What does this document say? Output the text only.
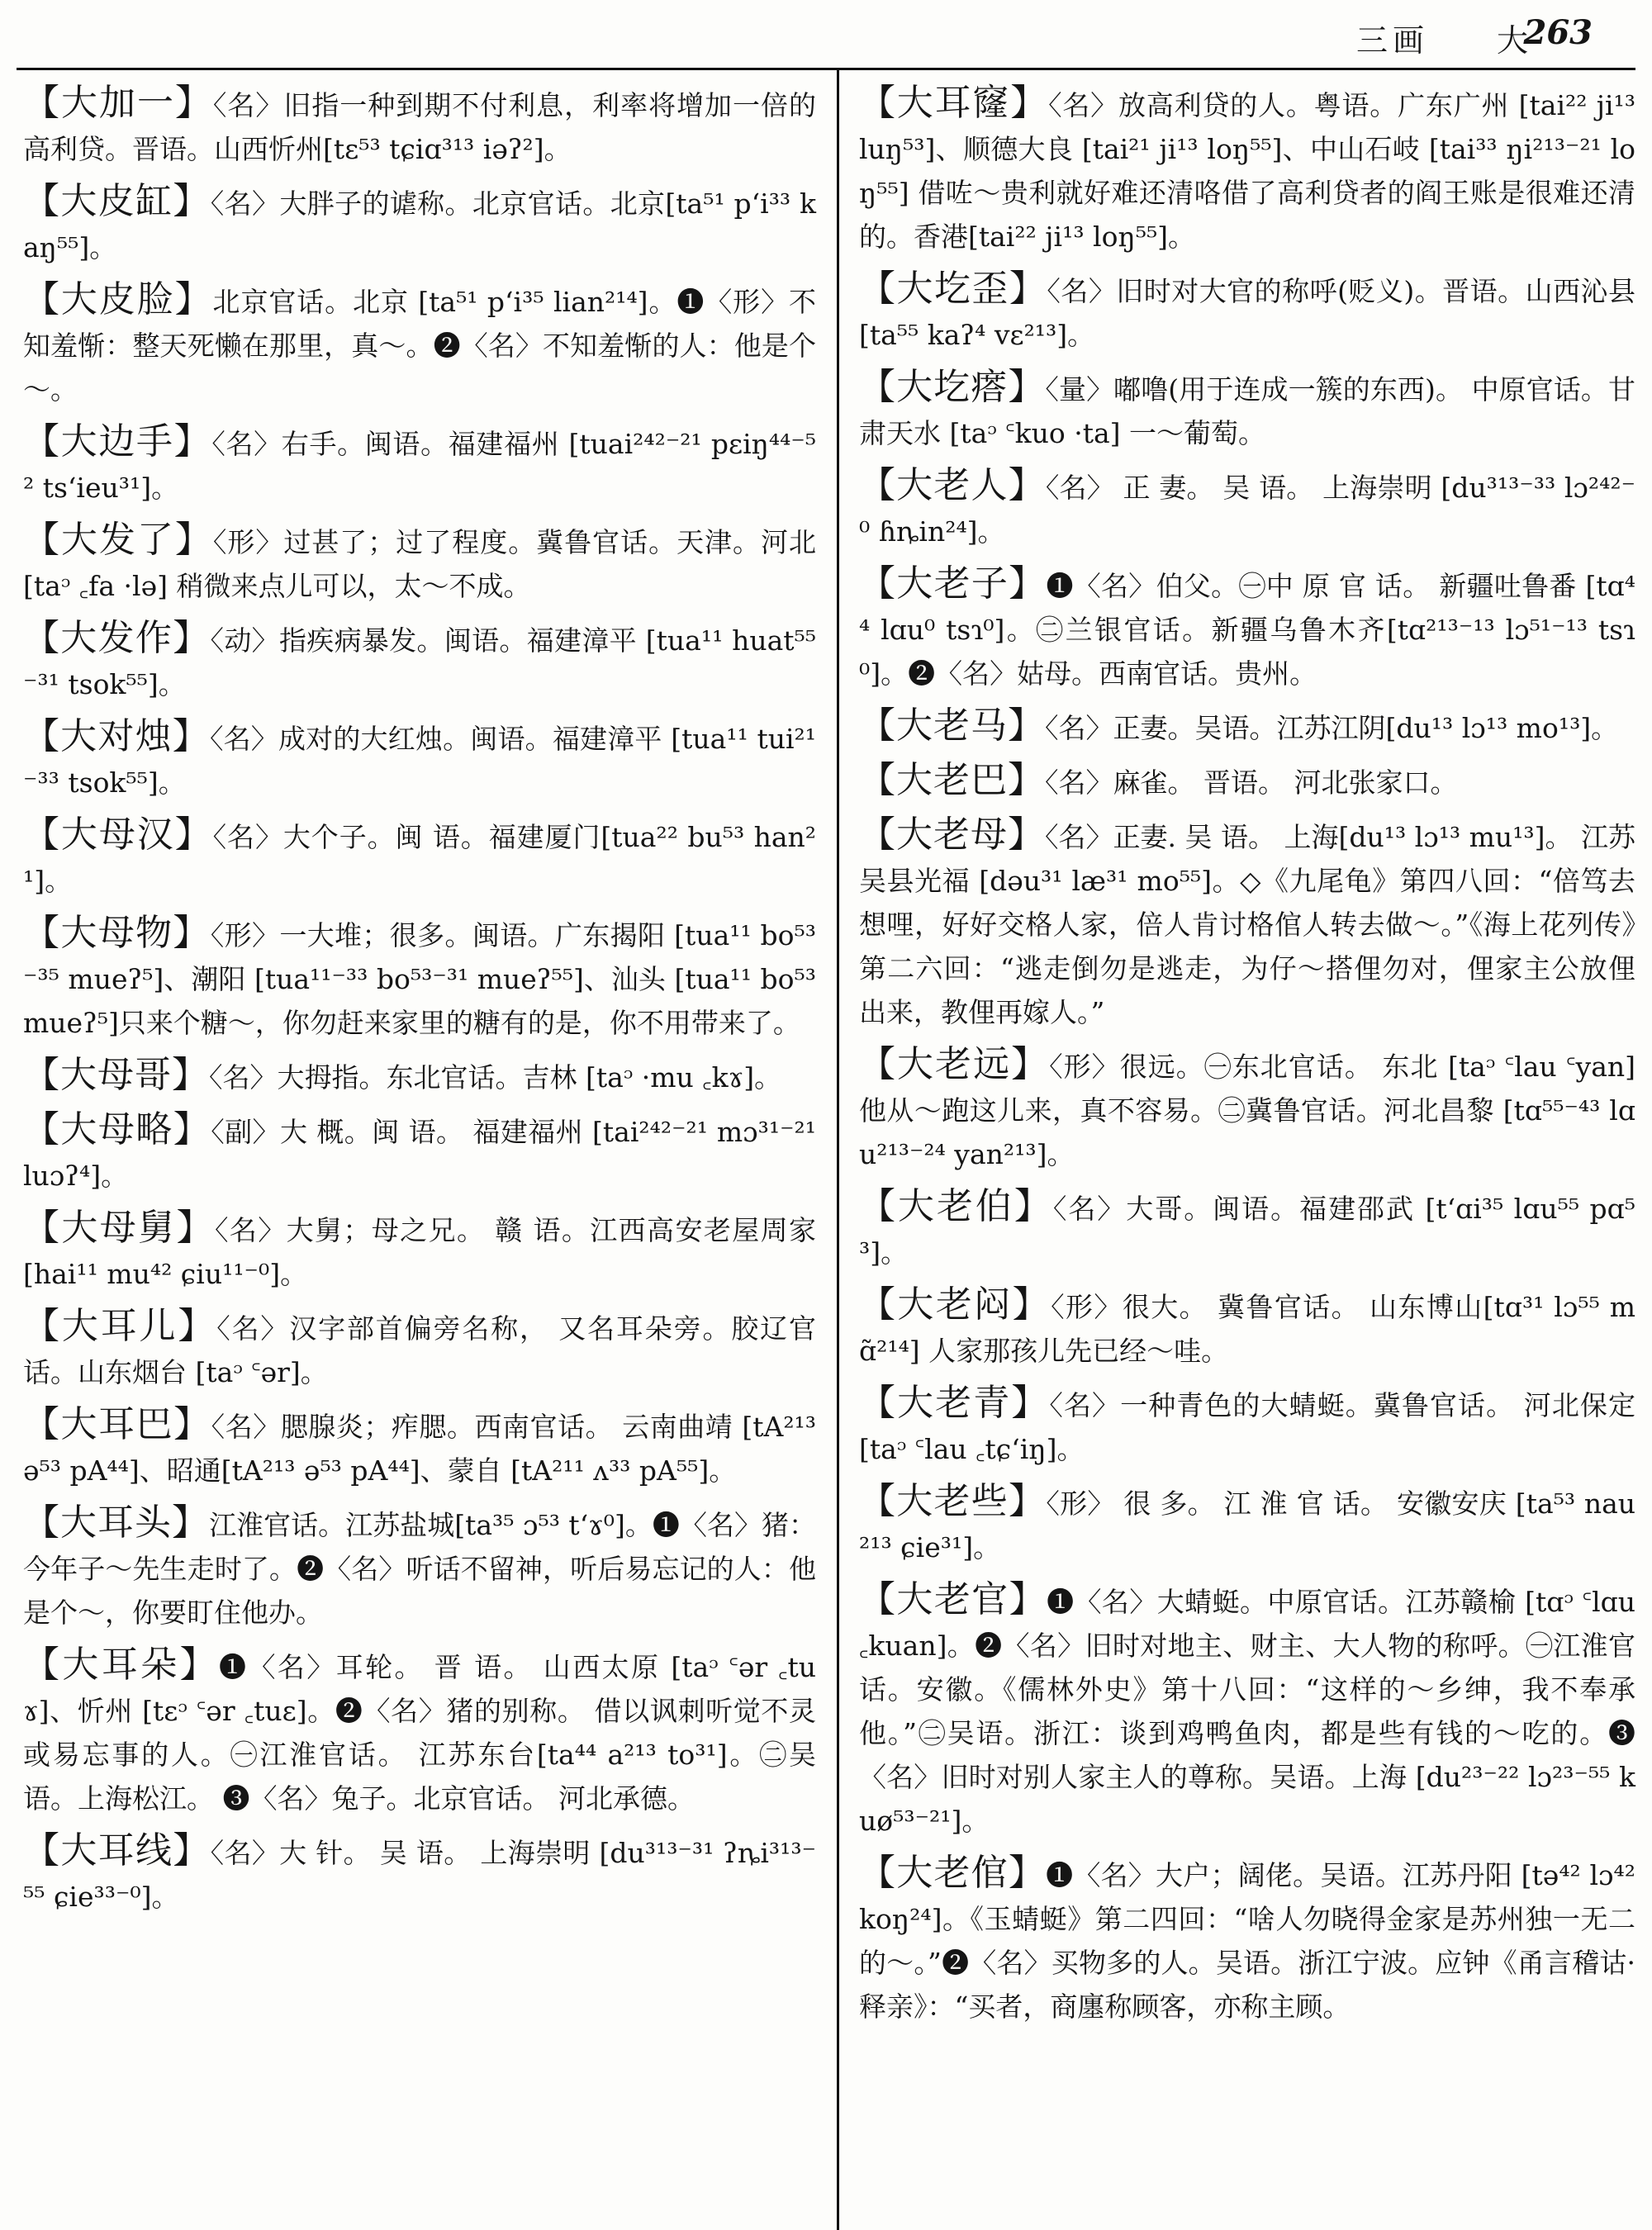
三画 大
263

【大加一】〈名〉旧指一种到期不付利息，利率将增加一倍的高利贷。晋语。山西忻州[tɛ⁵³ tɕiɑ³¹³ iəʔ²]。

【大皮缸】〈名〉大胖子的谑称。北京官话。北京[ta⁵¹ pʻi³³ kaŋ⁵⁵]。

【大皮脸】北京官话。北京 [ta⁵¹ pʻi³⁵ lian²¹⁴]。❶〈形〉不知羞惭：整天死懒在那里，真～。❷〈名〉不知羞惭的人：他是个～。

【大边手】〈名〉右手。闽语。福建福州 [tuai²⁴²⁻²¹ pɛiŋ⁴⁴⁻⁵² tsʻieu³¹]。

【大发了】〈形〉过甚了；过了程度。冀鲁官话。天津。河北[taᵓ ꜀fa ·lə] 稍微来点儿可以，太～不成。

【大发作】〈动〉指疾病暴发。闽语。福建漳平 [tua¹¹ huat⁵⁵⁻³¹ tsok⁵⁵]。

【大对烛】〈名〉成对的大红烛。闽语。福建漳平 [tua¹¹ tui²¹⁻³³ tsok⁵⁵]。

【大母汉】〈名〉大个子。闽 语。福建厦门[tua²² bu⁵³ han²¹]。

【大母物】〈形〉一大堆；很多。闽语。广东揭阳 [tua¹¹ bo⁵³⁻³⁵ mueʔ⁵]、潮阳 [tua¹¹⁻³³ bo⁵³⁻³¹ mueʔ⁵⁵]、汕头 [tua¹¹ bo⁵³ mueʔ⁵]只来个糖～，你勿赶来家里的糖有的是，你不用带来了。

【大母哥】〈名〉大拇指。东北官话。吉林 [taᵓ ·mu ꜀kɤ]。

【大母略】〈副〉大 概。闽 语。 福建福州 [tai²⁴²⁻²¹ mɔ³¹⁻²¹ luɔʔ⁴]。

【大母舅】〈名〉大舅；母之兄。 赣 语。江西高安老屋周家 [hai¹¹ mu⁴² ɕiu¹¹⁻⁰]。

【大耳儿】〈名〉汉字部首偏旁名称， 又名耳朵旁。胶辽官话。山东烟台 [taᵓ ꜂ər]。

【大耳巴】〈名〉腮腺炎；痄腮。西南官话。 云南曲靖 [tA²¹³ ə⁵³ pA⁴⁴]、昭通[tA²¹³ ə⁵³ pA⁴⁴]、蒙自 [tA²¹¹ ʌ³³ pA⁵⁵]。

【大耳头】江淮官话。江苏盐城[ta³⁵ ɔ⁵³ tʻɤ⁰]。❶〈名〉猪：今年子～先生走时了。❷〈名〉听话不留神，听后易忘记的人：他是个～，你要盯住他办。

【大耳朵】❶〈名〉耳轮。 晋 语。 山西太原 [taᵓ ꜂ər ꜀tuɤ]、忻州 [tɛᵓ ꜂ər ꜀tuɛ]。❷〈名〉猪的别称。 借以讽刺听觉不灵或易忘事的人。㊀江淮官话。 江苏东台[ta⁴⁴ a²¹³ to³¹]。㊁吴 语。上海松江。 ❸〈名〉兔子。北京官话。 河北承德。

【大耳线】〈名〉大 针。 吴 语。 上海崇明 [du³¹³⁻³¹ ʔȵi³¹³⁻⁵⁵ ɕie³³⁻⁰]。

【大耳窿】〈名〉放高利贷的人。粤语。广东广州 [tai²² ji¹³ luŋ⁵³]、顺德大良 [tai²¹ ji¹³ loŋ⁵⁵]、中山石岐 [tai³³ ŋi²¹³⁻²¹ loŋ⁵⁵] 借咗～贵利就好难还清咯借了高利贷者的阎王账是很难还清的。香港[tai²² ji¹³ loŋ⁵⁵]。

【大圪歪】〈名〉旧时对大官的称呼(贬义)。晋语。山西沁县 [ta⁵⁵ kaʔ⁴ vɛ²¹³]。

【大圪瘩】〈量〉嘟噜(用于连成一簇的东西)。 中原官话。甘肃天水 [taᵓ ꜂kuo ·ta] 一～葡萄。

【大老人】〈名〉 正 妻。 吴 语。 上海崇明 [du³¹³⁻³³ lɔ²⁴²⁻⁰ ɦȵin²⁴]。

【大老子】❶〈名〉伯父。㊀中 原 官 话。 新疆吐鲁番 [tɑ⁴⁴ lɑu⁰ tsɿ⁰]。㊁兰银官话。新疆乌鲁木齐[tɑ²¹³⁻¹³ lɔ⁵¹⁻¹³ tsɿ⁰]。❷〈名〉姑母。西南官话。贵州。

【大老马】〈名〉正妻。吴语。江苏江阴[du¹³ lɔ¹³ mo¹³]。

【大老巴】〈名〉麻雀。 晋语。 河北张家口。

【大老母】〈名〉正妻. 吴 语。 上海[du¹³ lɔ¹³ mu¹³]。 江苏吴县光福 [dəu³¹ læ³¹ mo⁵⁵]。◇《九尾龟》第四八回：“倍笃去想哩，好好交格人家，倍人肯讨格倌人转去做～。”《海上花列传》第二六回：“逃走倒勿是逃走，为仔～搭俚勿对，俚家主公放俚出来，教俚再嫁人。”

【大老远】〈形〉很远。㊀东北官话。 东北 [taᵓ ꜂lau ꜂yan] 他从～跑这儿来，真不容易。㊁冀鲁官话。河北昌黎 [tɑ⁵⁵⁻⁴³ lɑu²¹³⁻²⁴ yan²¹³]。

【大老伯】〈名〉大哥。闽语。福建邵武 [tʻɑi³⁵ lɑu⁵⁵ pɑ⁵³]。

【大老闷】〈形〉很大。 冀鲁官话。 山东博山[tɑ³¹ lɔ⁵⁵ mɑ̃²¹⁴] 人家那孩儿先已经～哇。

【大老青】〈名〉一种青色的大蜻蜓。冀鲁官话。 河北保定 [taᵓ ꜂lau ꜀tɕʻiŋ]。

【大老些】〈形〉 很 多。 江 淮 官 话。 安徽安庆 [ta⁵³ nau²¹³ ɕie³¹]。

【大老官】❶〈名〉大蜻蜓。中原官话。江苏赣榆 [tɑᵓ ꜂lɑu ꜀kuan]。❷〈名〉旧时对地主、财主、大人物的称呼。㊀江淮官话。安徽。《儒林外史》第十八回：“这样的～乡绅，我不奉承他。”㊁吴语。浙江：谈到鸡鸭鱼肉，都是些有钱的～吃的。❸〈名〉旧时对别人家主人的尊称。吴语。上海 [du²³⁻²² lɔ²³⁻⁵⁵ kuø⁵³⁻²¹]。

【大老倌】❶〈名〉大户；阔佬。吴语。江苏丹阳 [tə⁴² lɔ⁴² koŋ²⁴]。《玉蜻蜓》第二四回：“啥人勿晓得金家是苏州独一无二的～。”❷〈名〉买物多的人。吴语。浙江宁波。应钟《甬言稽诂·释亲》：“买者，商廛称顾客，亦称主顾。
